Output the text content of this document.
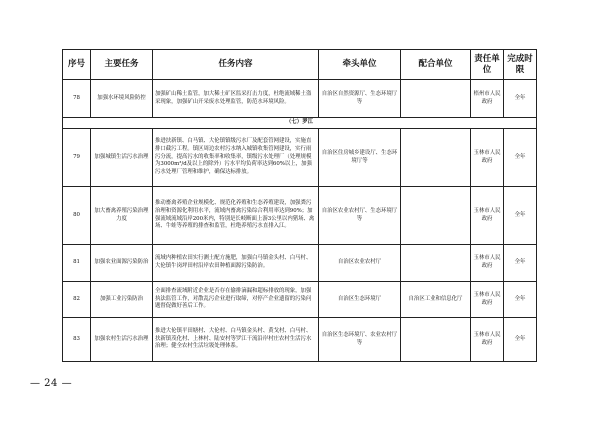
序号	主要任务	任务内容	牵头单位	配合单位	责任单位	完成时限
78	加强水环境风险防控	加强矿山稀土监管，加大稀土矿区监采打击力度，杜绝流域稀土盗采现象，加强矿山开采废水处理监管，防范水环境风险。	自治区自然资源厅、生态环境厅等		梧州市人民政府	全年
（七）罗江						
79	加强城镇生活污水治理	推进扶新镇、白马镇、大伦镇镇级污水厂及配套管网建设，实施直排口截污工程。镇区周边农村污水纳入城镇收集管网建设，实行雨污分流，提高污水的收集率和收集率，镇级污水处理厂（处理规模为3000m³/d及以上的除外）污水平均负荷率达到60%以上，加强污水处理厂管理和维护，确保达标排放。	自治区住房城乡建设厅、生态环境厅等		玉林市人民政府	全年
80	加大畜禽养殖污染治理力度	推动畜禽养殖企业规模化、规范化养殖和生态养殖建设，加强粪污治理和资源化利用水平，流域内畜禽污染综合利用率达到90%；加强流域流域沿岸200米内，特别是长岐断面上游3公里以内猪场、禽场、牛蛙等养殖的排查和监管，杜绝养殖污水直排入江。	自治区农业农村厅、生态环境厅等		玉林市人民政府	全年
81	加强农业面源污染防治	流域内种植农田实行测土配方施肥，加强白马镇金头村、白马村、大伦镇牛岗坪田村沿岸农田种植面源污染防治。	自治区农业农村厅		玉林市人民政府	全年
82	加强工业污染防治	全面排查流域附近企业是否存在偷排滴漏和超标排放的现象，加强执法监管工作，对散乱污企业进行取缔，对停产企业遗留的污染问题督促做好善后工作。	自治区生态环境厅	自治区工业和信息化厅	玉林市人民政府	全年
83	加强农村生活污水治理	推进大伦镇平田塘村、大伦村、白马镇金头村、黄戈村、白马村、扶新镇茂化村、上林村、陆安村等罗江干流沿岸村庄农村生活污水治理；健全农村生活垃圾处理体系。	自治区生态环境厅、农业农村厅等		玉林市人民政府	全年
— 24 —
